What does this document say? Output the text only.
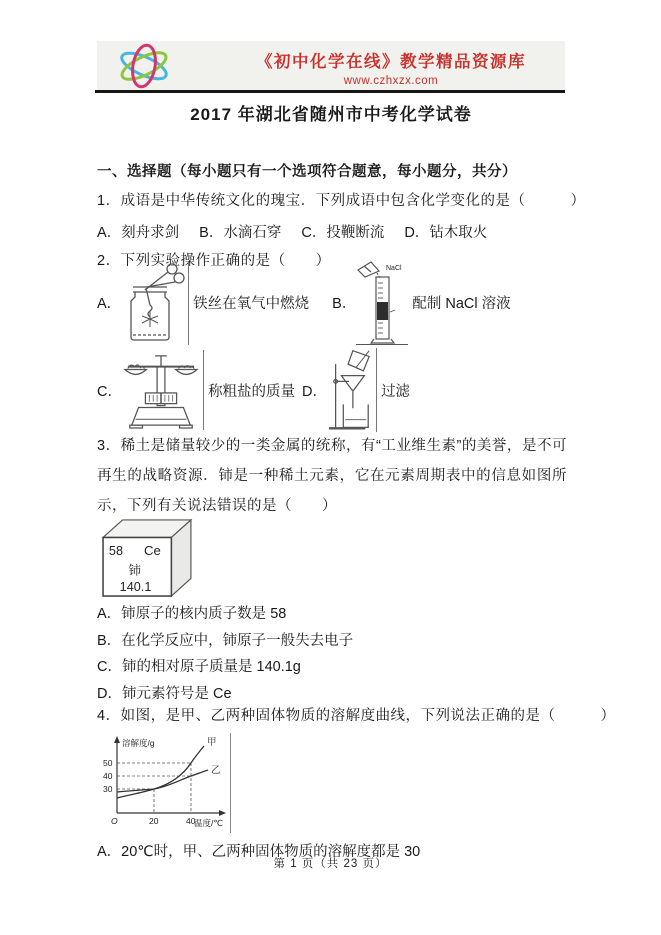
《初中化学在线》教学精品资源库
www.czhxzx.com
2017 年湖北省随州市中考化学试卷
一、选择题（每小题只有一个选项符合题意，每小题分，共分）
1．成语是中华传统文化的瑰宝．下列成语中包含化学变化的是（　　　）
A．刻舟求剑 B．水滴石穿 C．投鞭断流 D．钻木取火
2．下列实验操作正确的是（　　）
A．	铁丝在氧气中燃烧 B．
NaCl
配制 NaCl 溶液
C．	称粗盐的质量 D．	过滤
3．稀土是储量较少的一类金属的统称，有“工业维生素”的美誉，是不可再生的战略资源．铈是一种稀土元素，它在元素周期表中的信息如图所示，下列有关说法错误的是（　　）
58 Ce
铈
140.1
A．铈原子的核内质子数是 58
B．在化学反应中，铈原子一般失去电子
C．铈的相对原子质量是 140.1g
D．铈元素符号是 Ce
4．如图，是甲、乙两种固体物质的溶解度曲线，下列说法正确的是（　　　）
溶解度/g
温度/℃
30
40
50
O	20	40
甲
乙
A．20℃时，甲、乙两种固体物质的溶解度都是 30
第 1 页（共 23 页）
